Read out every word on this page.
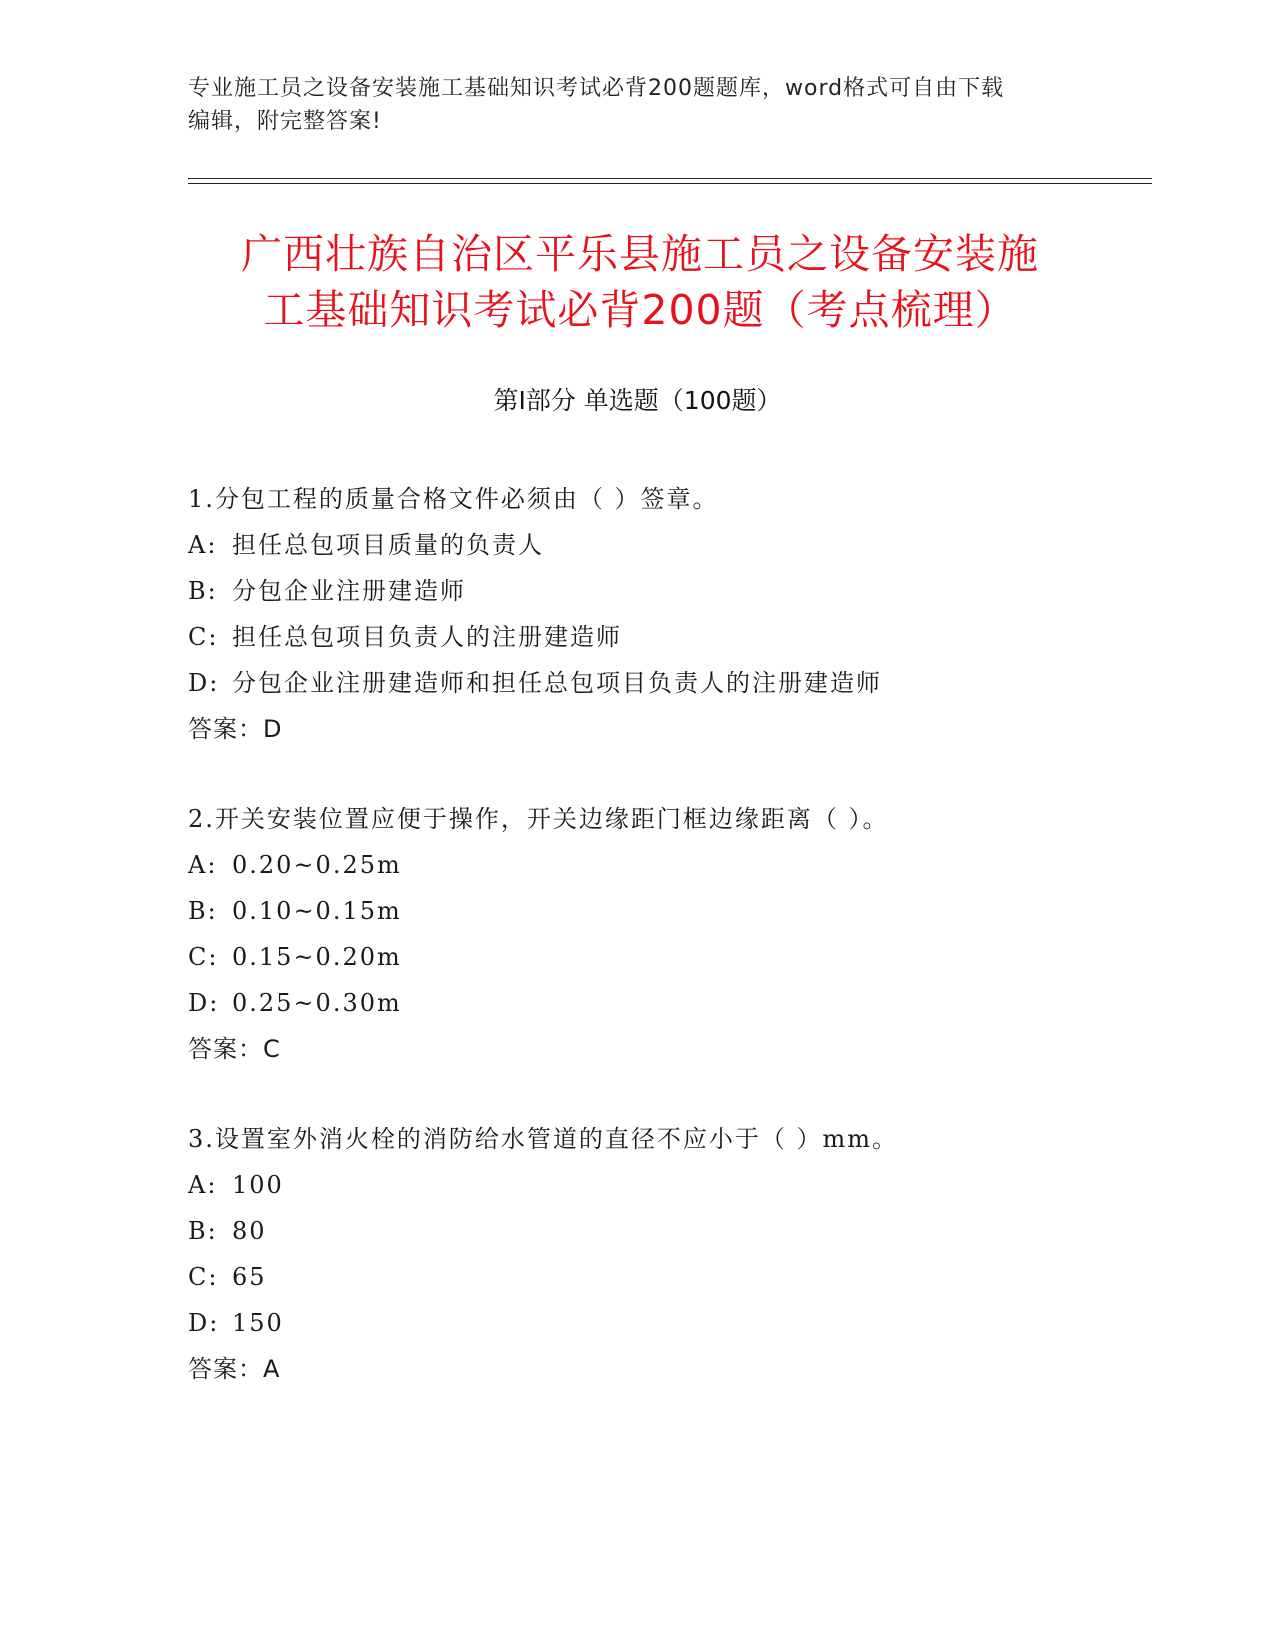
专业施工员之设备安装施工基础知识考试必背200题题库，word格式可自由下载
编辑，附完整答案!
广西壮族自治区平乐县施工员之设备安装施
工基础知识考试必背200题（考点梳理）
第Ⅰ部分 单选题（100题）
1.分包工程的质量合格文件必须由（ ）签章。
A: 担任总包项目质量的负责人
B: 分包企业注册建造师
C: 担任总包项目负责人的注册建造师
D: 分包企业注册建造师和担任总包项目负责人的注册建造师
答案：D
2.开关安装位置应便于操作，开关边缘距门框边缘距离（ ）。
A: 0.20~0.25m
B: 0.10~0.15m
C: 0.15~0.20m
D: 0.25~0.30m
答案：C
3.设置室外消火栓的消防给水管道的直径不应小于（ ）mm。
A: 100
B: 80
C: 65
D: 150
答案：A
